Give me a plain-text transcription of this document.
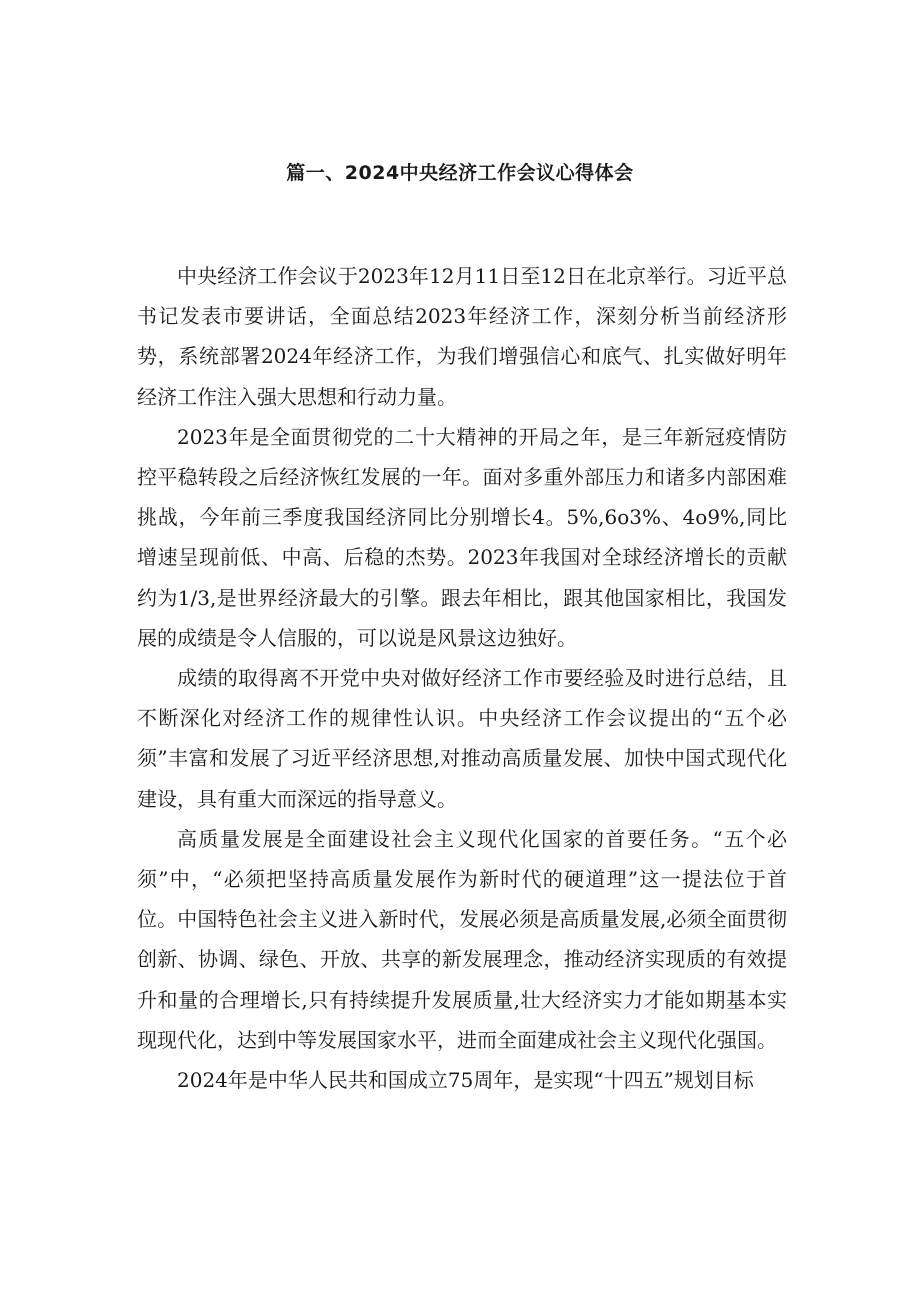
篇一、2024中央经济工作会议心得体会

中央经济工作会议于2023年12月11日至12日在北京举行。习近平总书记发表市要讲话，全面总结2023年经济工作，深刻分析当前经济形势，系统部署2024年经济工作，为我们增强信心和底气、扎实做好明年经济工作注入强大思想和行动力量。

2023年是全面贯彻党的二十大精神的开局之年，是三年新冠疫情防控平稳转段之后经济恢红发展的一年。面对多重外部压力和诸多内部困难挑战，今年前三季度我国经济同比分别增长4。5%,6o3%、4o9%,同比增速呈现前低、中高、后稳的杰势。2023年我国对全球经济增长的贡献约为1/3,是世界经济最大的引擎。跟去年相比，跟其他国家相比，我国发展的成绩是令人信服的，可以说是风景这边独好。

成绩的取得离不开党中央对做好经济工作市要经验及时进行总结，且不断深化对经济工作的规律性认识。中央经济工作会议提出的“五个必须”丰富和发展了习近平经济思想,对推动高质量发展、加快中国式现代化建设，具有重大而深远的指导意义。

高质量发展是全面建设社会主义现代化国家的首要任务。“五个必须”中，“必须把坚持高质量发展作为新时代的硬道理”这一提法位于首位。中国特色社会主义进入新时代，发展必须是高质量发展,必须全面贯彻创新、协调、绿色、开放、共享的新发展理念，推动经济实现质的有效提升和量的合理增长,只有持续提升发展质量,壮大经济实力才能如期基本实现现代化，达到中等发展国家水平，进而全面建成社会主义现代化强国。

2024年是中华人民共和国成立75周年，是实现“十四五”规划目标
